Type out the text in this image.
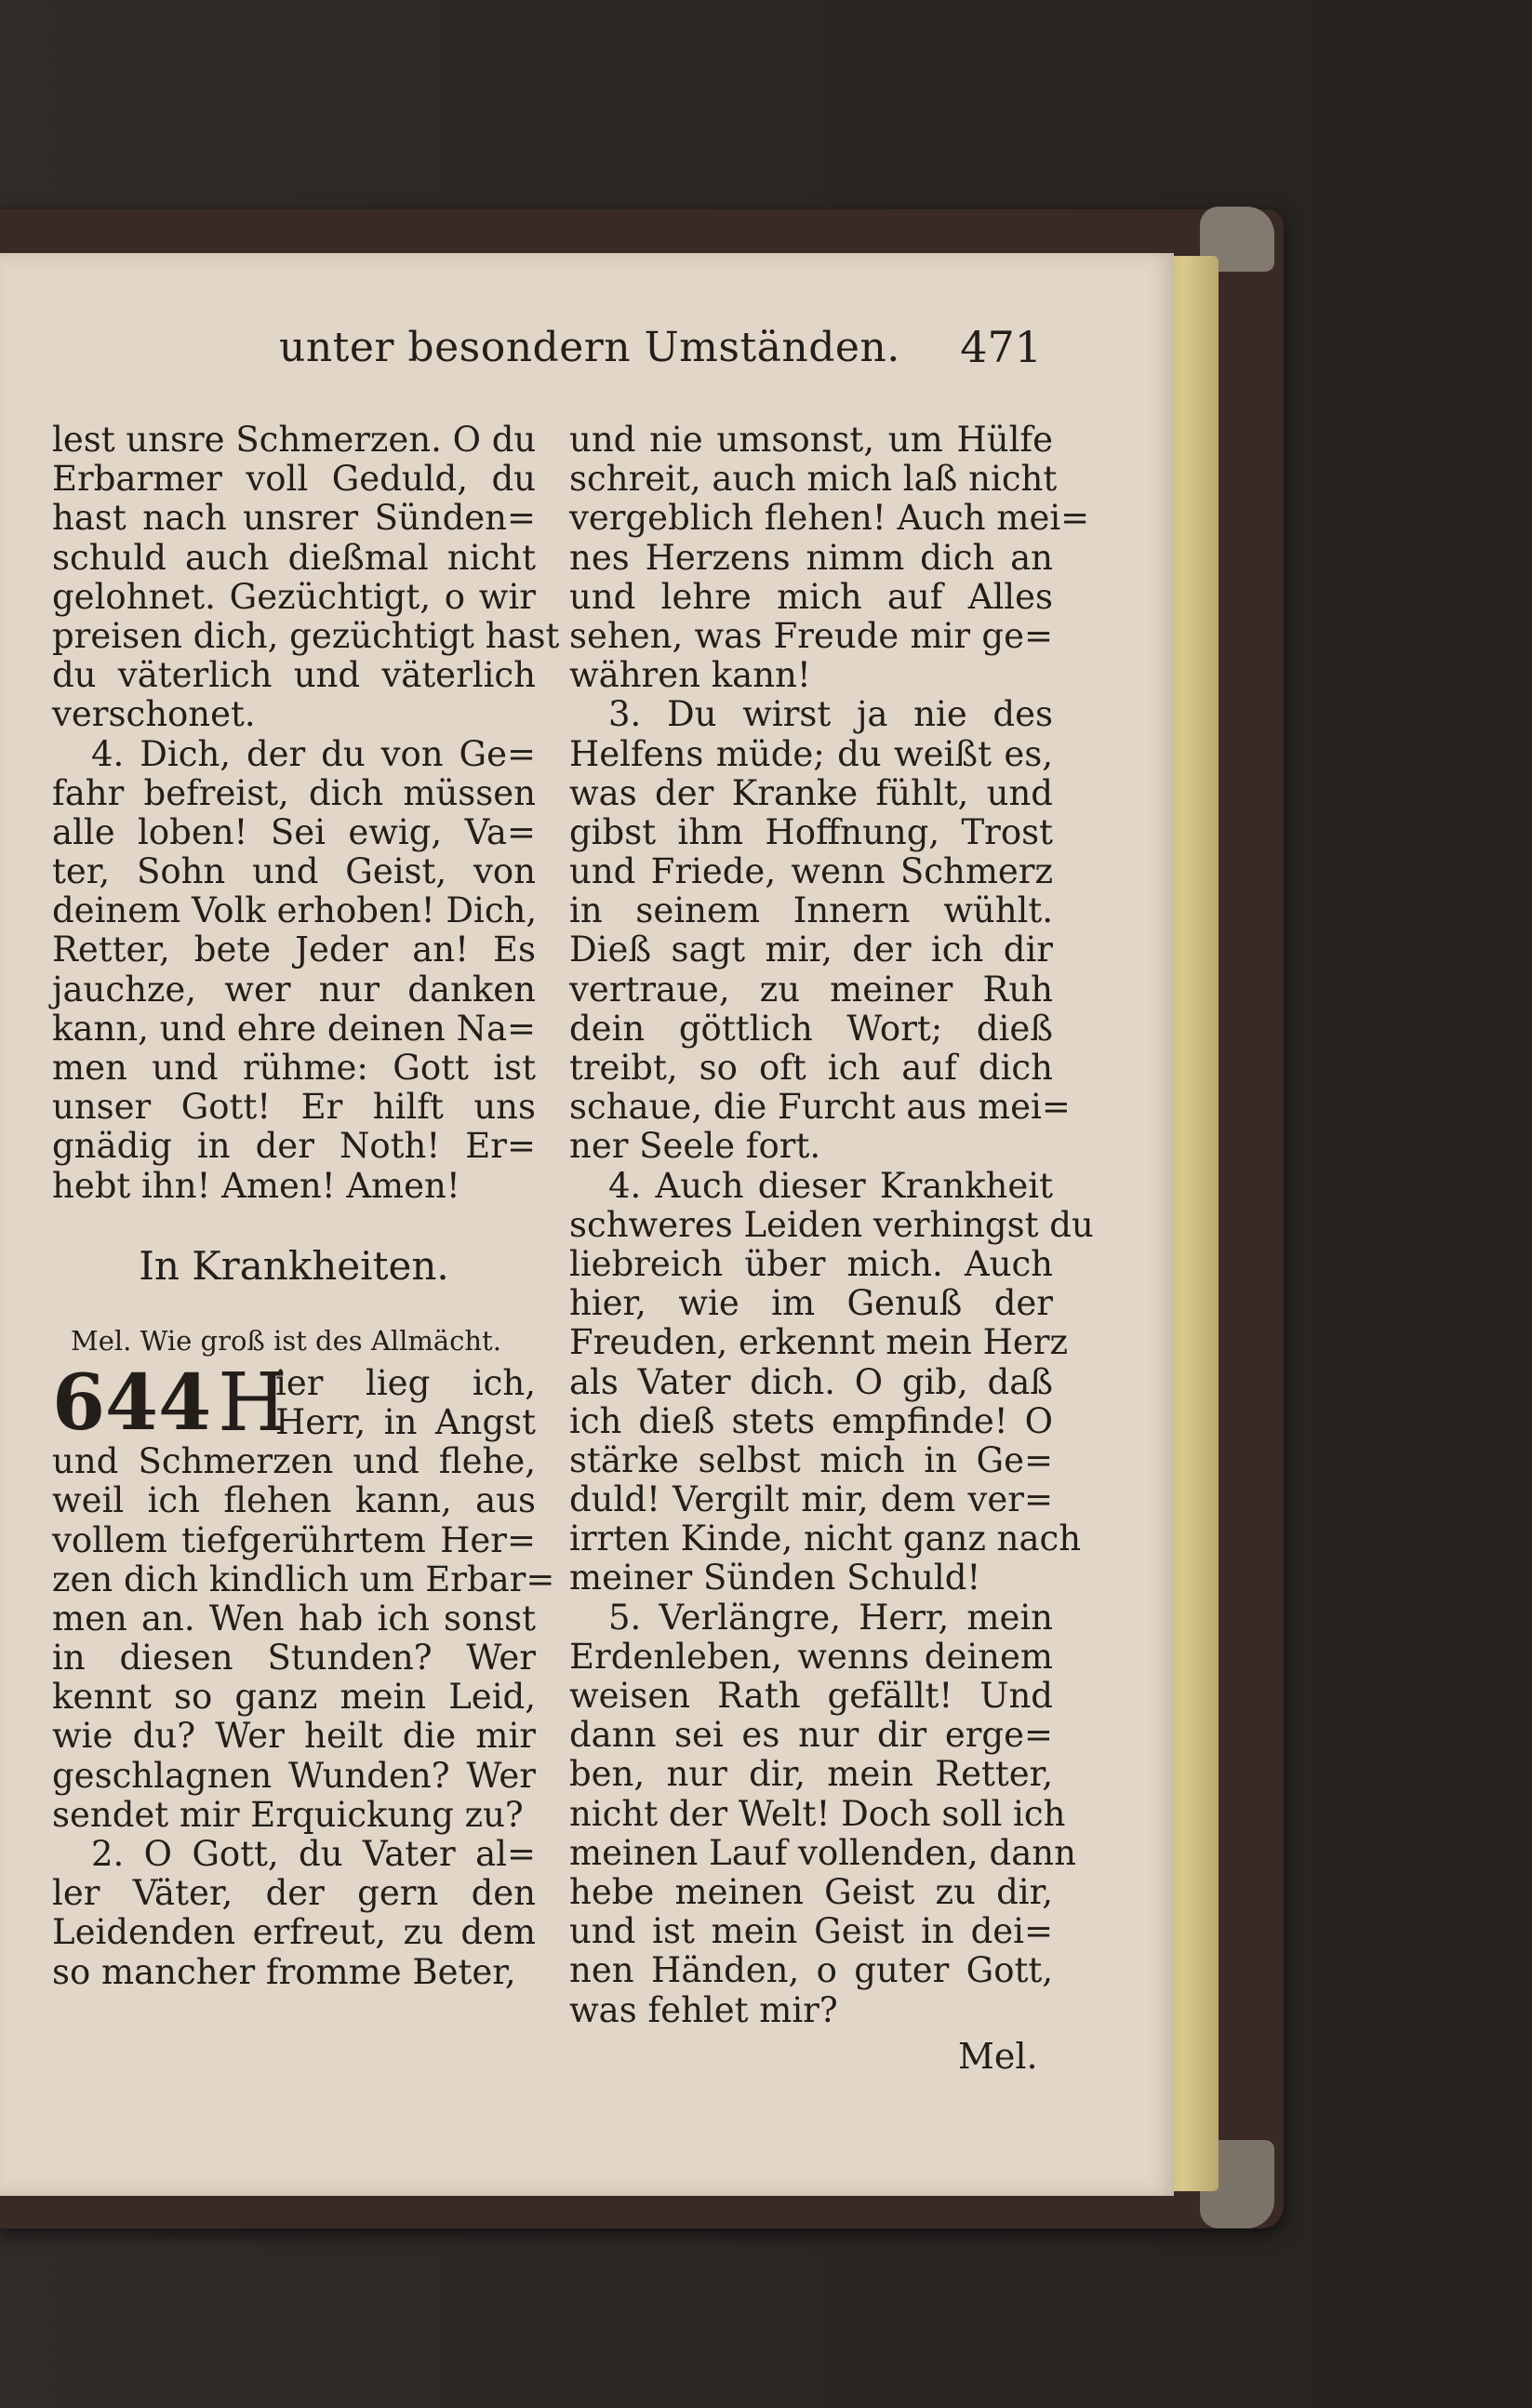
unter besondern Umständen. 471
lest unsre Schmerzen. O du
Erbarmer voll Geduld, du
hast nach unsrer Sünden=
schuld auch dießmal nicht
gelohnet. Gezüchtigt, o wir
preisen dich, gezüchtigt hast
du väterlich und väterlich
verschonet.
4. Dich, der du von Ge=
fahr befreist, dich müssen
alle loben! Sei ewig, Va=
ter, Sohn und Geist, von
deinem Volk erhoben! Dich,
Retter, bete Jeder an! Es
jauchze, wer nur danken
kann, und ehre deinen Na=
men und rühme: Gott ist
unser Gott! Er hilft uns
gnädig in der Noth! Er=
hebt ihn! Amen! Amen!
In Krankheiten.
Mel. Wie groß ist des Allmächt.
644 H
ier lieg ich,
Herr, in Angst
und Schmerzen und flehe,
weil ich flehen kann, aus
vollem tiefgerührtem Her=
zen dich kindlich um Erbar=
men an. Wen hab ich sonst
in diesen Stunden? Wer
kennt so ganz mein Leid,
wie du? Wer heilt die mir
geschlagnen Wunden? Wer
sendet mir Erquickung zu?
2. O Gott, du Vater al=
ler Väter, der gern den
Leidenden erfreut, zu dem
so mancher fromme Beter,
und nie umsonst, um Hülfe
schreit, auch mich laß nicht
vergeblich flehen! Auch mei=
nes Herzens nimm dich an
und lehre mich auf Alles
sehen, was Freude mir ge=
währen kann!
3. Du wirst ja nie des
Helfens müde; du weißt es,
was der Kranke fühlt, und
gibst ihm Hoffnung, Trost
und Friede, wenn Schmerz
in seinem Innern wühlt.
Dieß sagt mir, der ich dir
vertraue, zu meiner Ruh
dein göttlich Wort; dieß
treibt, so oft ich auf dich
schaue, die Furcht aus mei=
ner Seele fort.
4. Auch dieser Krankheit
schweres Leiden verhingst du
liebreich über mich. Auch
hier, wie im Genuß der
Freuden, erkennt mein Herz
als Vater dich. O gib, daß
ich dieß stets empfinde! O
stärke selbst mich in Ge=
duld! Vergilt mir, dem ver=
irrten Kinde, nicht ganz nach
meiner Sünden Schuld!
5. Verlängre, Herr, mein
Erdenleben, wenns deinem
weisen Rath gefällt! Und
dann sei es nur dir erge=
ben, nur dir, mein Retter,
nicht der Welt! Doch soll ich
meinen Lauf vollenden, dann
hebe meinen Geist zu dir,
und ist mein Geist in dei=
nen Händen, o guter Gott,
was fehlet mir?
Mel.
